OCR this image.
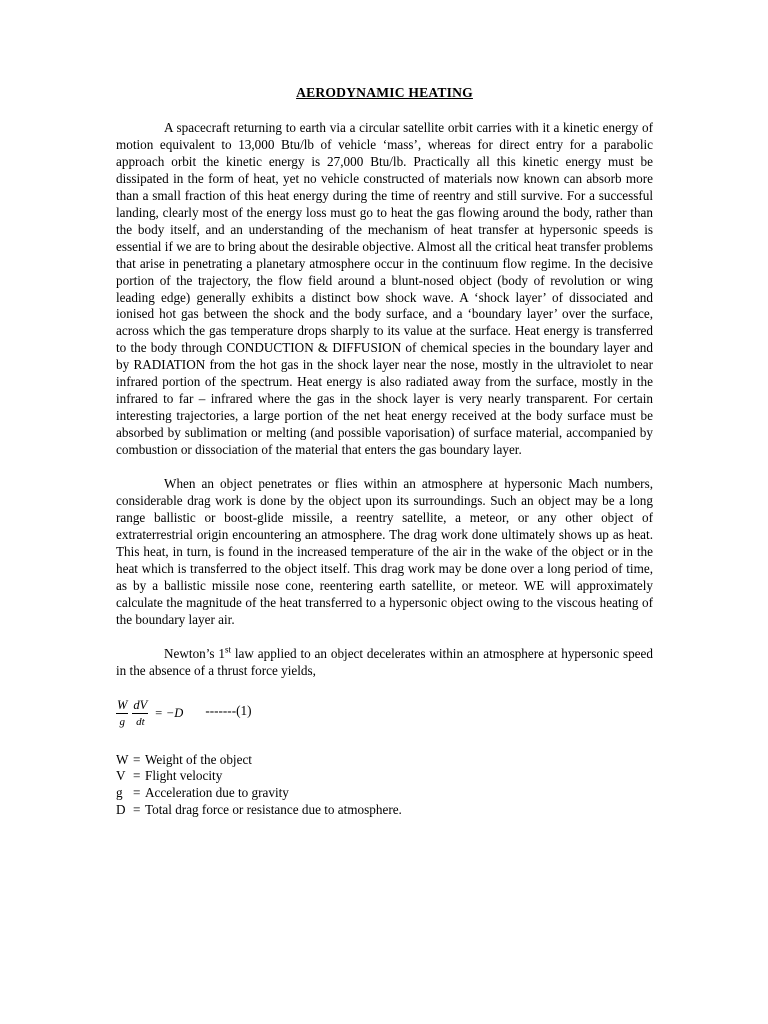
AERODYNAMIC HEATING

A spacecraft returning to earth via a circular satellite orbit carries with it a kinetic energy of motion equivalent to 13,000 Btu/lb of vehicle ‘mass’, whereas for direct entry for a parabolic approach orbit the kinetic energy is 27,000 Btu/lb. Practically all this kinetic energy must be dissipated in the form of heat, yet no vehicle constructed of materials now known can absorb more than a small fraction of this heat energy during the time of reentry and still survive. For a successful landing, clearly most of the energy loss must go to heat the gas flowing around the body, rather than the body itself, and an understanding of the mechanism of heat transfer at hypersonic speeds is essential if we are to bring about the desirable objective. Almost all the critical heat transfer problems that arise in penetrating a planetary atmosphere occur in the continuum flow regime. In the decisive portion of the trajectory, the flow field around a blunt-nosed object (body of revolution or wing leading edge) generally exhibits a distinct bow shock wave. A ‘shock layer’ of dissociated and ionised hot gas between the shock and the body surface, and a ‘boundary layer’ over the surface, across which the gas temperature drops sharply to its value at the surface. Heat energy is transferred to the body through CONDUCTION & DIFFUSION of chemical species in the boundary layer and by RADIATION from the hot gas in the shock layer near the nose, mostly in the ultraviolet to near infrared portion of the spectrum. Heat energy is also radiated away from the surface, mostly in the infrared to far – infrared where the gas in the shock layer is very nearly transparent. For certain interesting trajectories, a large portion of the net heat energy received at the body surface must be absorbed by sublimation or melting (and possible vaporisation) of surface material, accompanied by combustion or dissociation of the material that enters the gas boundary layer.

When an object penetrates or flies within an atmosphere at hypersonic Mach numbers, considerable drag work is done by the object upon its surroundings. Such an object may be a long range ballistic or boost-glide missile, a reentry satellite, a meteor, or any other object of extraterrestrial origin encountering an atmosphere. The drag work done ultimately shows up as heat. This heat, in turn, is found in the increased temperature of the air in the wake of the object or in the heat which is transferred to the object itself. This drag work may be done over a long period of time, as by a ballistic missile nose cone, reentering earth satellite, or meteor. WE will approximately calculate the magnitude of the heat transferred to a hypersonic object owing to the viscous heating of the boundary layer air.

Newton’s 1st law applied to an object decelerates within an atmosphere at hypersonic speed in the absence of a thrust force yields,

$\frac{W}{g} \frac{dV}{dt} = -D$ -------(1)
W = Weight of the object
V = Flight velocity
g = Acceleration due to gravity
D = Total drag force or resistance due to atmosphere.
